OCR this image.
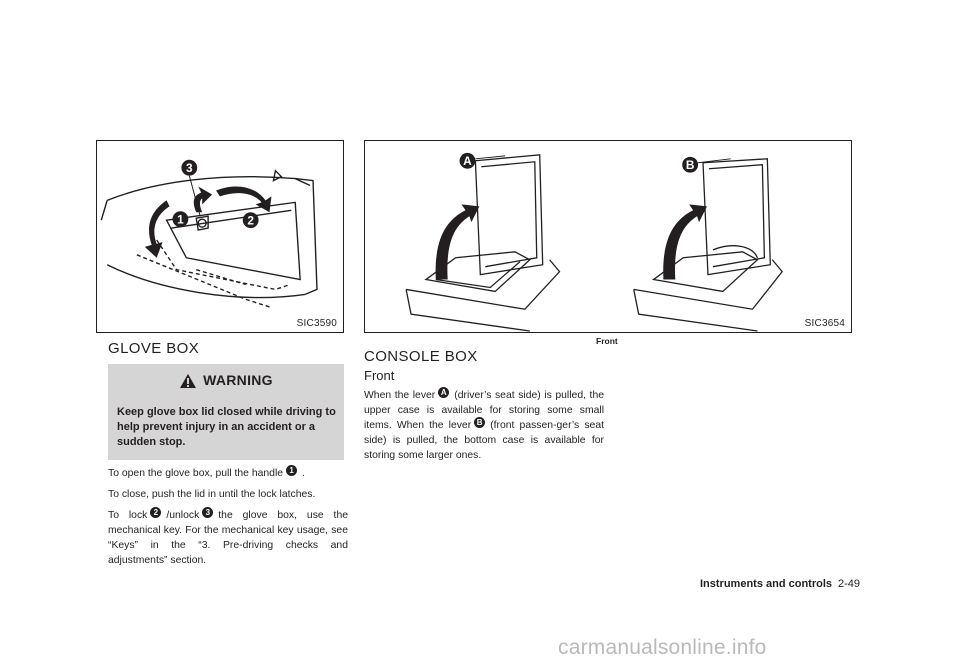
3
1	2
SIC3590
A	B
SIC3654
Front
GLOVE BOX
WARNING
Keep glove box lid closed while driving to help prevent injury in an accident or a sudden stop.
To open the glove box, pull the handle 1 .
To close, push the lid in until the lock latches.
To lock 2 /unlock 3 the glove box, use the mechanical key. For the mechanical key usage, see “Keys” in the “3. Pre-driving checks and adjustments” section.
CONSOLE BOX
Front
When the lever A (driver’s seat side) is pulled, the upper case is available for storing some small items. When the lever B (front passen-ger’s seat side) is pulled, the bottom case is available for storing some larger ones.
Instruments and controls 2-49
carmanualsonline.info
